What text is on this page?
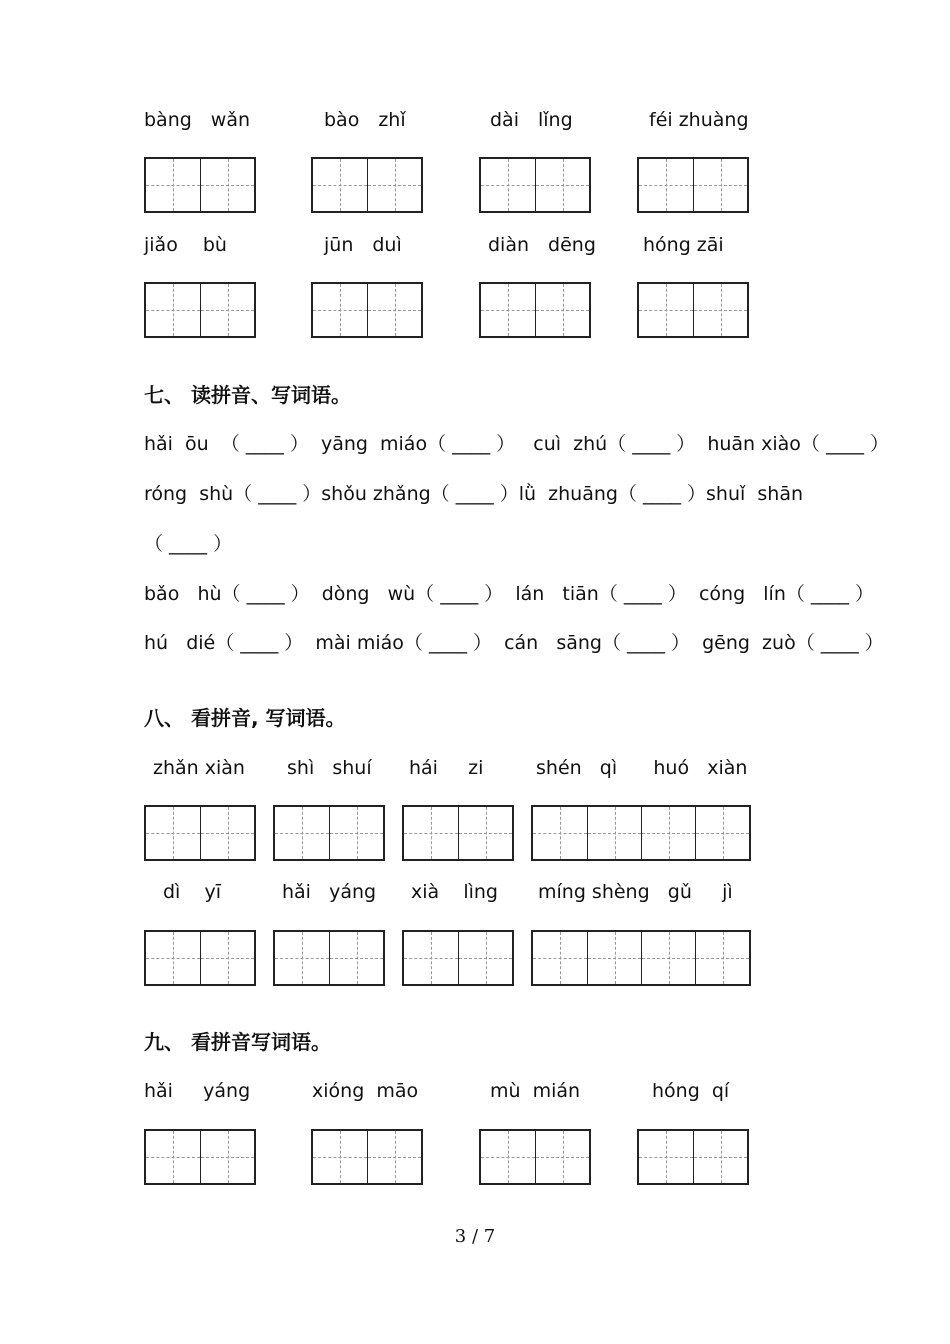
bàng　wǎn	bào　zhǐ	dài　lǐng	féi zhuàng
jiǎo　 bù	jūn　duì	diàn　dēng hóng zāi
七、 读拼音、写词语。
hǎi  ōu  （ ____ ）  yāng  miáo（ ____ ）   cuì  zhú（ ____ ）  huān xiào（ ____ ）
róng  shù（ ____ ）shǒu zhǎng（ ____ ）lǜ  zhuāng（ ____ ）shuǐ  shān
（ ____ ）
bǎo   hù（ ____ ）  dòng   wù（ ____ ）  lán   tiān（ ____ ）  cóng   lín（ ____ ）
hú   dié（ ____ ）  mài miáo（ ____ ）  cán   sāng（ ____ ）  gēng  zuò（ ____ ）
八、 看拼音, 写词语。
zhǎn xiàn shì   shuí hái     zi	shén   qì      huó   xiàn
dì    yī	hǎi   yáng xià    lìng míng shèng   gǔ     jì
九、 看拼音写词语。
hǎi     yáng	xióng  māo	mù  mián	hóng  qí
3 / 7
